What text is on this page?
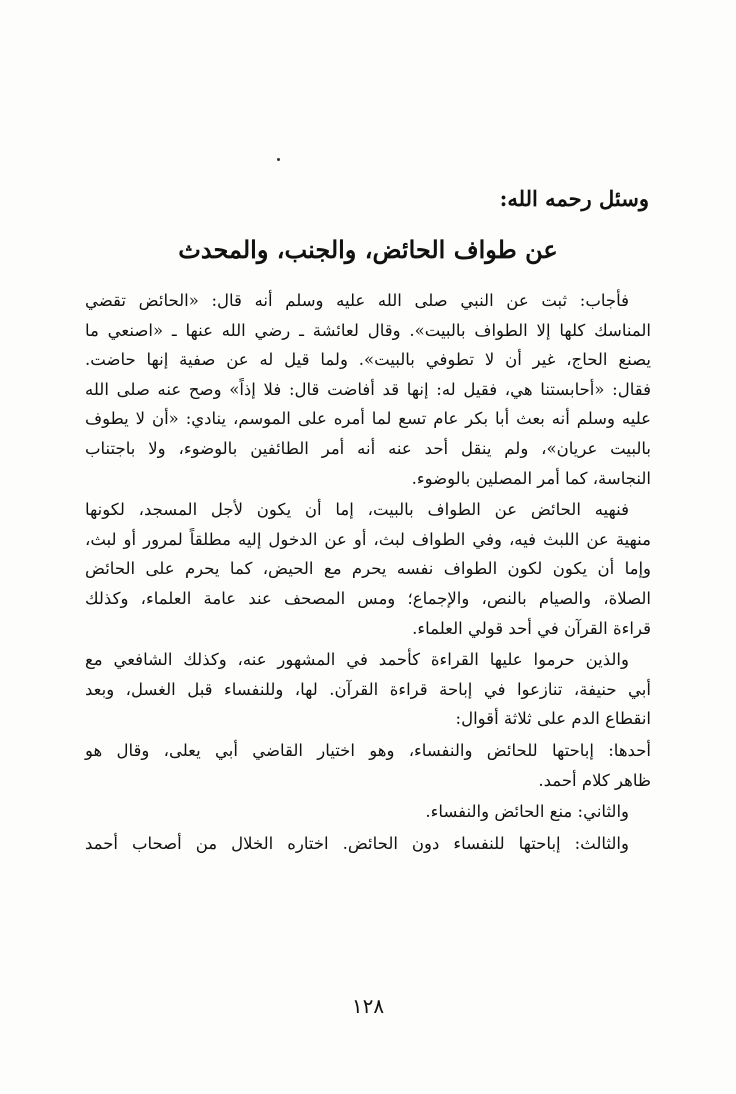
وسئل رحمه الله:
عن طواف الحائض، والجنب، والمحدث
فأجاب: ثبت عن النبي صلى الله عليه وسلم أنه قال: «الحائض تقضي
المناسك كلها إلا الطواف بالبيت». وقال لعائشة ـ رضي الله عنها ـ «اصنعي ما
يصنع الحاج، غير أن لا تطوفي بالبيت». ولما قيل له عن صفية إنها حاضت.
فقال: «أحابستنا هي، فقيل له: إنها قد أفاضت قال: فلا إذاً» وصح عنه صلى الله
عليه وسلم أنه بعث أبا بكر عام تسع لما أمره على الموسم، ينادي: «أن لا يطوف
بالبيت عريان»، ولم ينقل أحد عنه أنه أمر الطائفين بالوضوء، ولا باجتناب
النجاسة، كما أمر المصلين بالوضوء.
فنهيه الحائض عن الطواف بالبيت، إما أن يكون لأجل المسجد، لكونها
منهية عن اللبث فيه، وفي الطواف لبث، أو عن الدخول إليه مطلقاً لمرور أو لبث،
وإما أن يكون لكون الطواف نفسه يحرم مع الحيض، كما يحرم على الحائض
الصلاة، والصيام بالنص، والإجماع؛ ومس المصحف عند عامة العلماء، وكذلك
قراءة القرآن في أحد قولي العلماء.
والذين حرموا عليها القراءة كأحمد في المشهور عنه، وكذلك الشافعي مع
أبي حنيفة، تنازعوا في إباحة قراءة القرآن. لها، وللنفساء قبل الغسل، وبعد
انقطاع الدم على ثلاثة أقوال:
أحدها: إباحتها للحائض والنفساء، وهو اختيار القاضي أبي يعلى، وقال هو
ظاهر كلام أحمد.
والثاني: منع الحائض والنفساء.
والثالث: إباحتها للنفساء دون الحائض. اختاره الخلال من أصحاب أحمد
١٢٨
